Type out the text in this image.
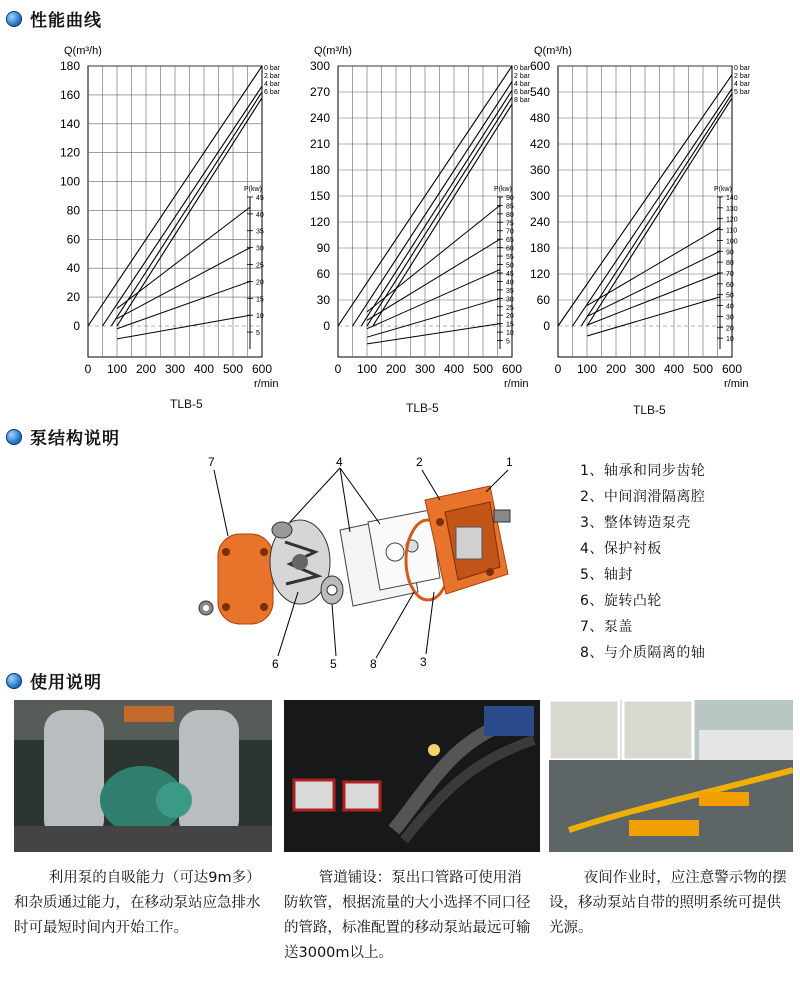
性能曲线
0
20
40
60
80
100
120
140
160
180
0 100 200 300 400 500 600
Q(m³/h)
r/min
0 bar
2 bar
4 bar
6 bar
P(kw)
5
10
15
20
25
30
35
40
45
0
30
60
90
120
150
180
210
240
270
300
0 100 200 300 400 500 600
Q(m³/h)
r/min
0 bar
2 bar
4 bar
6 bar
8 bar
P(kw)
5
10
15
20
25
30
35
40
45
50
55
60
65
70
75
80
85
90
0
60
120
180
240
300
360
420
480
540
600
0 100 200 300 400 500 600
Q(m³/h)
r/min
0 bar
2 bar
4 bar
5 bar
P(kw)
10
20
30
40
50
60
70
80
90
100
110
120
130
140
TLB-5	TLB-5	TLB-5
泵结构说明
7	4	2	1
6	5	8	3
1、轴承和同步齿轮
2、中间润滑隔离腔
3、整体铸造泵壳
4、保护衬板
5、轴封
6、旋转凸轮
7、泵盖
8、与介质隔离的轴
使用说明
利用泵的自吸能力（可达9m多）和杂质通过能力，在移动泵站应急排水时可最短时间内开始工作。
管道铺设：泵出口管路可使用消防软管，根据流量的大小选择不同口径的管路，标准配置的移动泵站最远可输送3000m以上。
夜间作业时，应注意警示物的摆设，移动泵站自带的照明系统可提供光源。
